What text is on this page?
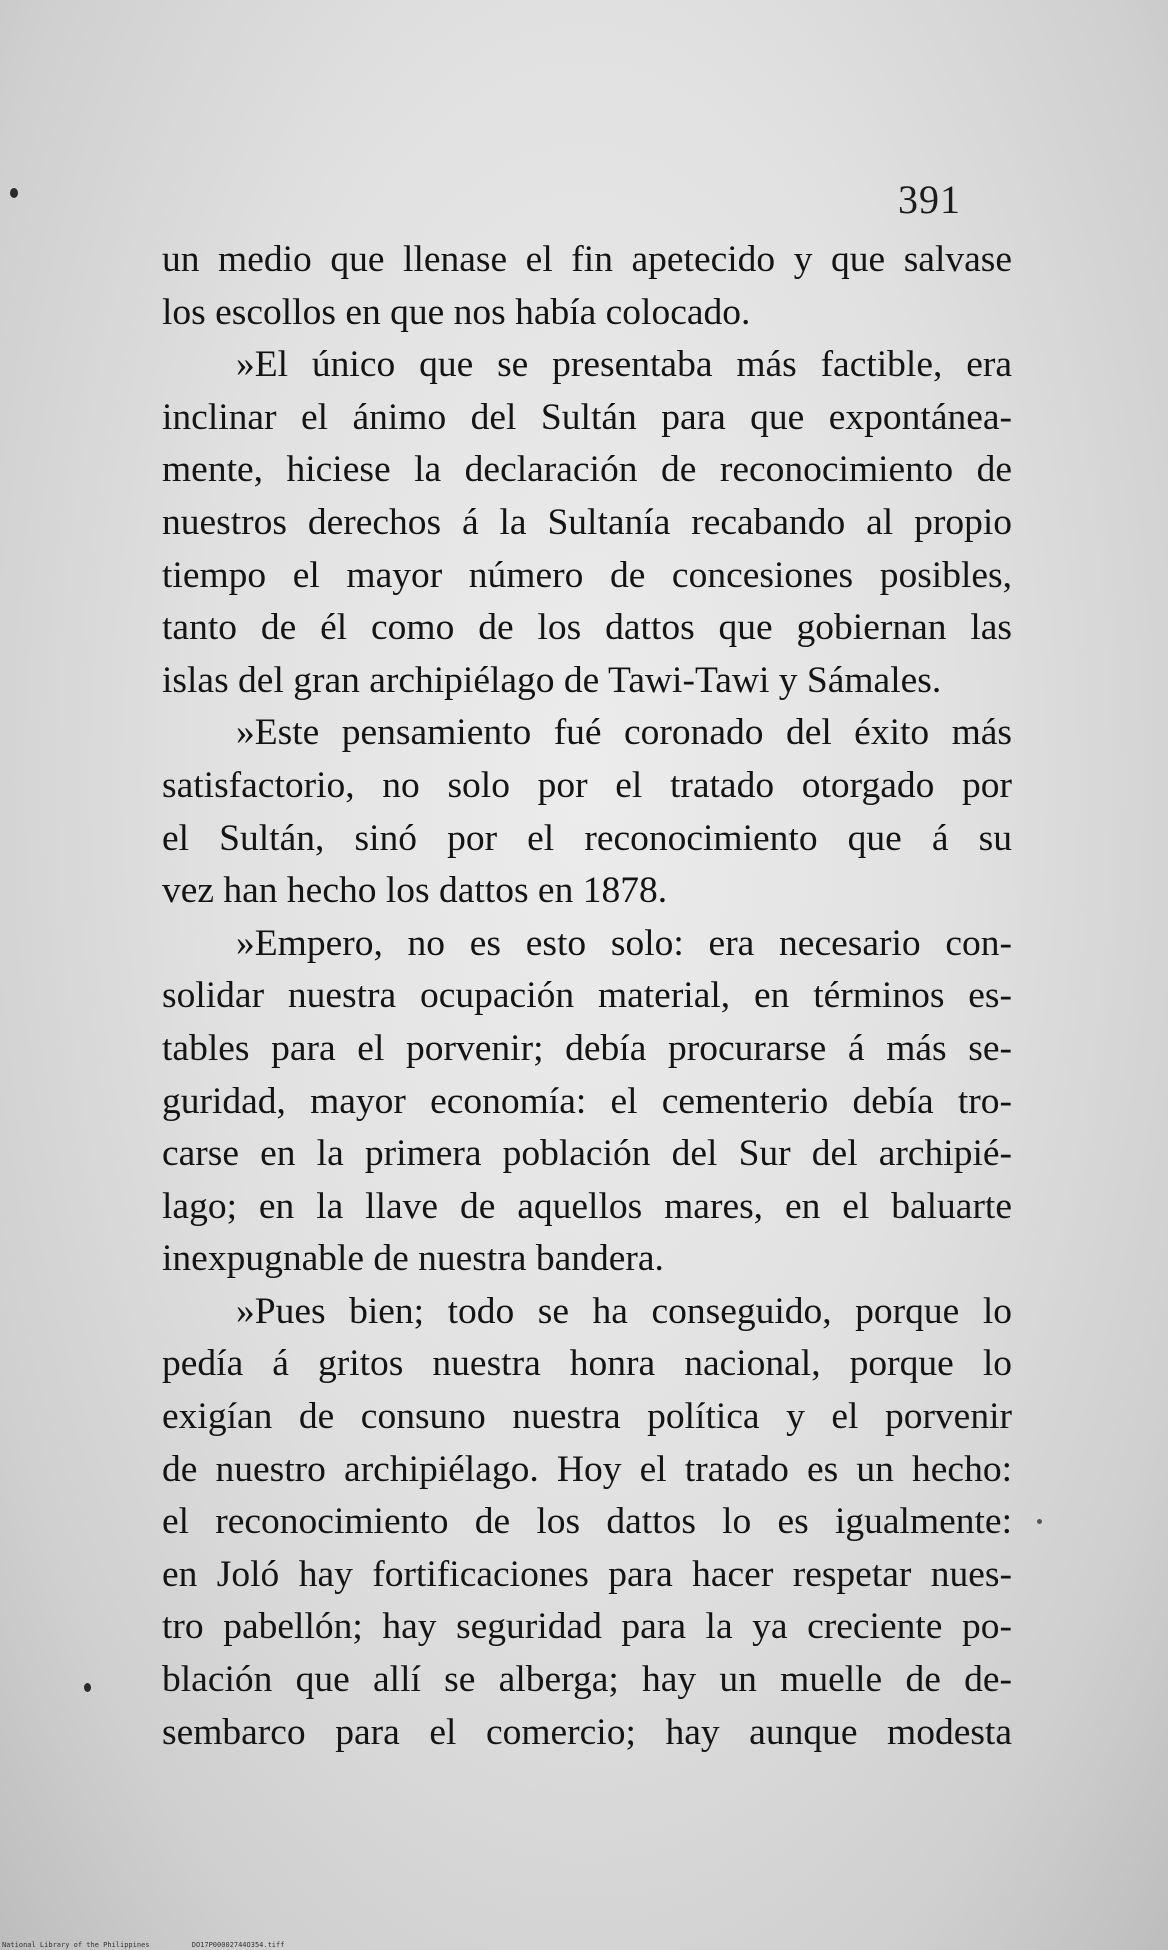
391
un medio que llenase el fin apetecido y que salvase
los escollos en que nos había colocado.
»El único que se presentaba más factible, era
inclinar el ánimo del Sultán para que expontánea-
mente, hiciese la declaración de reconocimiento de
nuestros derechos á la Sultanía recabando al propio
tiempo el mayor número de concesiones posibles,
tanto de él como de los dattos que gobiernan las
islas del gran archipiélago de Tawi-Tawi y Sámales.
»Este pensamiento fué coronado del éxito más
satisfactorio, no solo por el tratado otorgado por
el Sultán, sinó por el reconocimiento que á su
vez han hecho los dattos en 1878.
»Empero, no es esto solo: era necesario con-
solidar nuestra ocupación material, en términos es-
tables para el porvenir; debía procurarse á más se-
guridad, mayor economía: el cementerio debía tro-
carse en la primera población del Sur del archipié-
lago; en la llave de aquellos mares, en el baluarte
inexpugnable de nuestra bandera.
»Pues bien; todo se ha conseguido, porque lo
pedía á gritos nuestra honra nacional, porque lo
exigían de consuno nuestra política y el porvenir
de nuestro archipiélago. Hoy el tratado es un hecho:
el reconocimiento de los dattos lo es igualmente:
en Joló hay fortificaciones para hacer respetar nues-
tro pabellón; hay seguridad para la ya creciente po-
blación que allí se alberga; hay un muelle de de-
sembarco para el comercio; hay aunque modesta
National Library of the Philippines	DO17P00002744O354.tiff
